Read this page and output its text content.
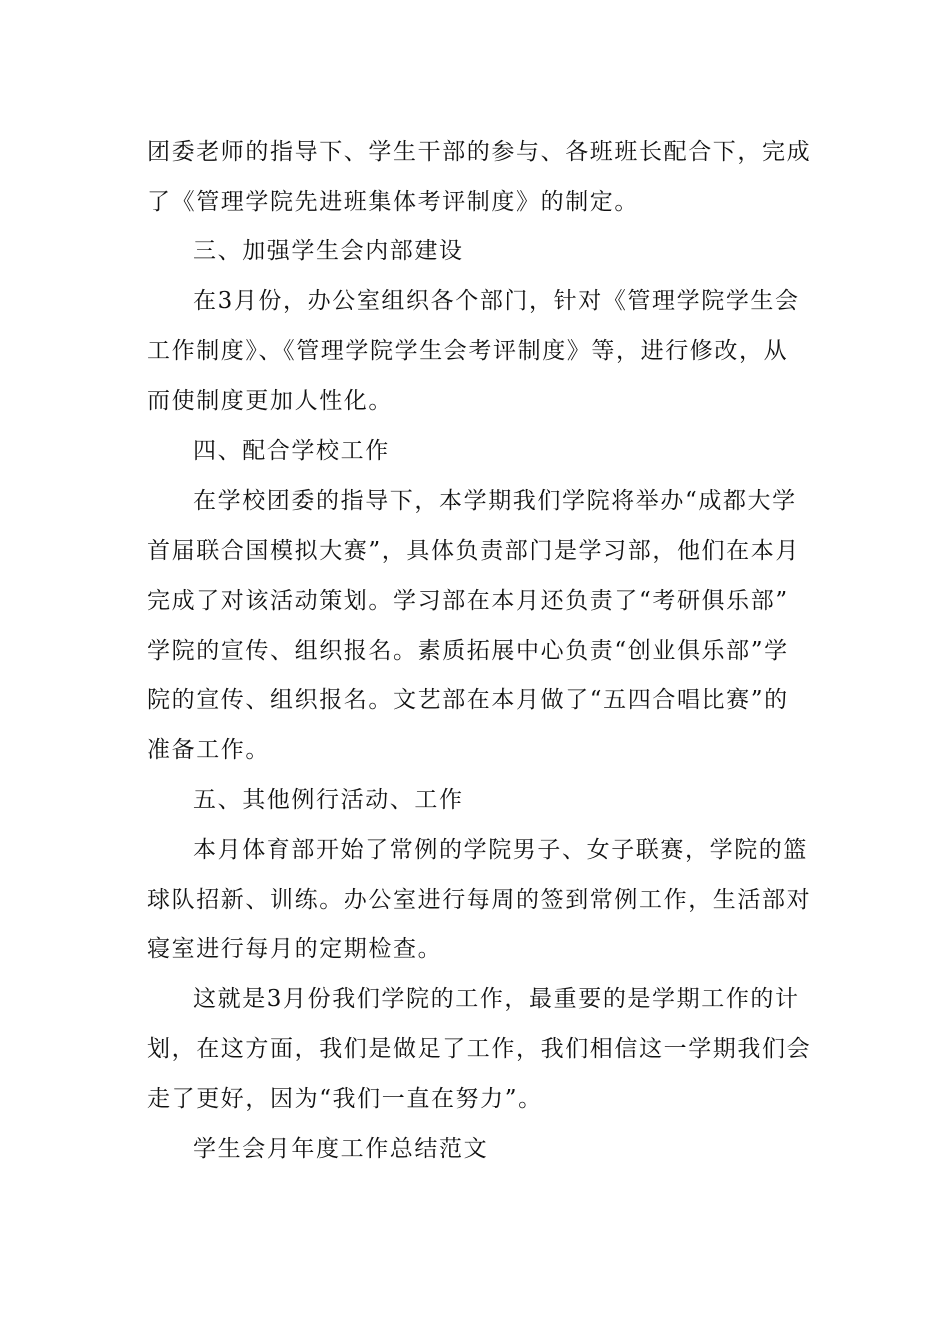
团委老师的指导下、学生干部的参与、各班班长配合下，完成
了《管理学院先进班集体考评制度》的制定。
三、加强学生会内部建设
在3月份，办公室组织各个部门，针对《管理学院学生会
工作制度》、《管理学院学生会考评制度》等，进行修改，从
而使制度更加人性化。
四、配合学校工作
在学校团委的指导下，本学期我们学院将举办“成都大学
首届联合国模拟大赛”，具体负责部门是学习部，他们在本月
完成了对该活动策划。学习部在本月还负责了“考研俱乐部”
学院的宣传、组织报名。素质拓展中心负责“创业俱乐部”学
院的宣传、组织报名。文艺部在本月做了“五四合唱比赛”的
准备工作。
五、其他例行活动、工作
本月体育部开始了常例的学院男子、女子联赛，学院的篮
球队招新、训练。办公室进行每周的签到常例工作，生活部对
寝室进行每月的定期检查。
这就是3月份我们学院的工作，最重要的是学期工作的计
划，在这方面，我们是做足了工作，我们相信这一学期我们会
走了更好，因为“我们一直在努力”。
学生会月年度工作总结范文
